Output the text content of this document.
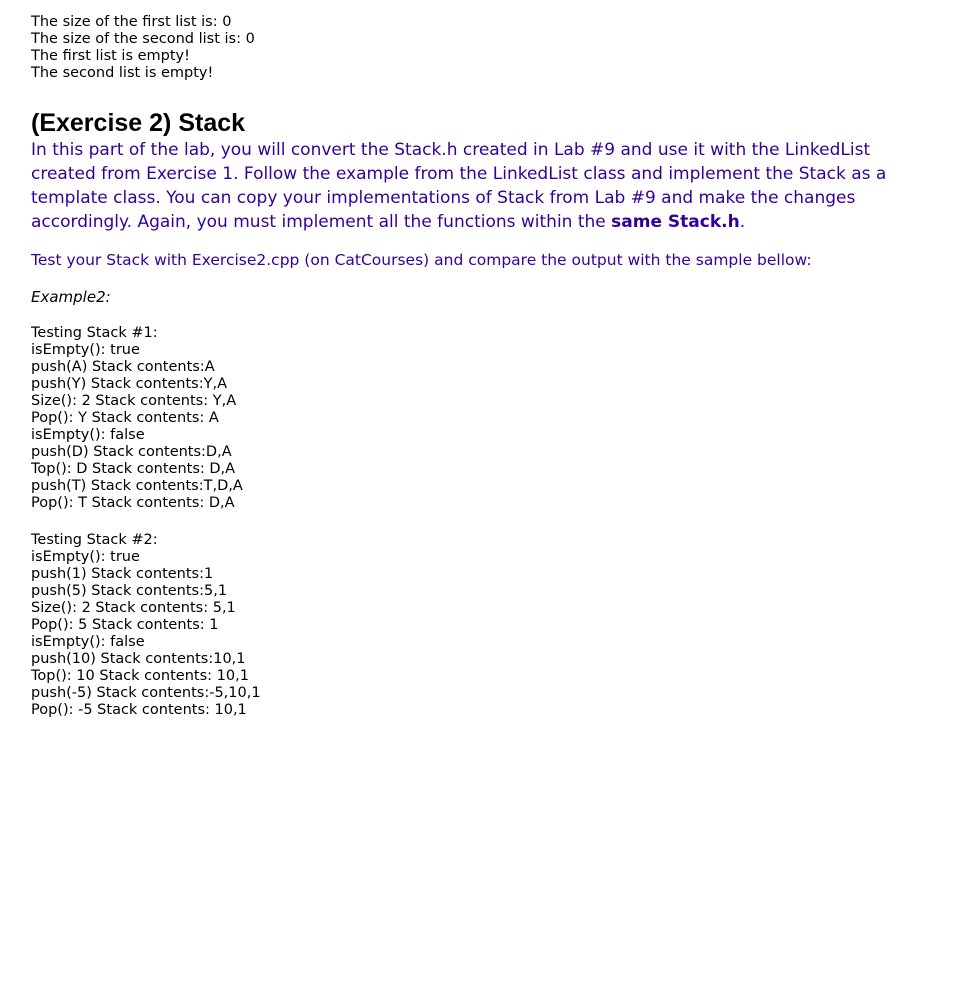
The size of the first list is: 0
The size of the second list is: 0
The first list is empty!
The second list is empty!
(Exercise 2) Stack

In this part of the lab, you will convert the Stack.h created in Lab #9 and use it with the LinkedList created from Exercise 1. Follow the example from the LinkedList class and implement the Stack as a template class. You can copy your implementations of Stack from Lab #9 and make the changes accordingly. Again, you must implement all the functions within the same Stack.h.

Test your Stack with Exercise2.cpp (on CatCourses) and compare the output with the sample bellow:

Example2:
Testing Stack #1:
isEmpty(): true
push(A) Stack contents:A
push(Y) Stack contents:Y,A
Size(): 2 Stack contents: Y,A
Pop(): Y Stack contents: A
isEmpty(): false
push(D) Stack contents:D,A
Top(): D Stack contents: D,A
push(T) Stack contents:T,D,A
Pop(): T Stack contents: D,A
Testing Stack #2:
isEmpty(): true
push(1) Stack contents:1
push(5) Stack contents:5,1
Size(): 2 Stack contents: 5,1
Pop(): 5 Stack contents: 1
isEmpty(): false
push(10) Stack contents:10,1
Top(): 10 Stack contents: 10,1
push(-5) Stack contents:-5,10,1
Pop(): -5 Stack contents: 10,1
